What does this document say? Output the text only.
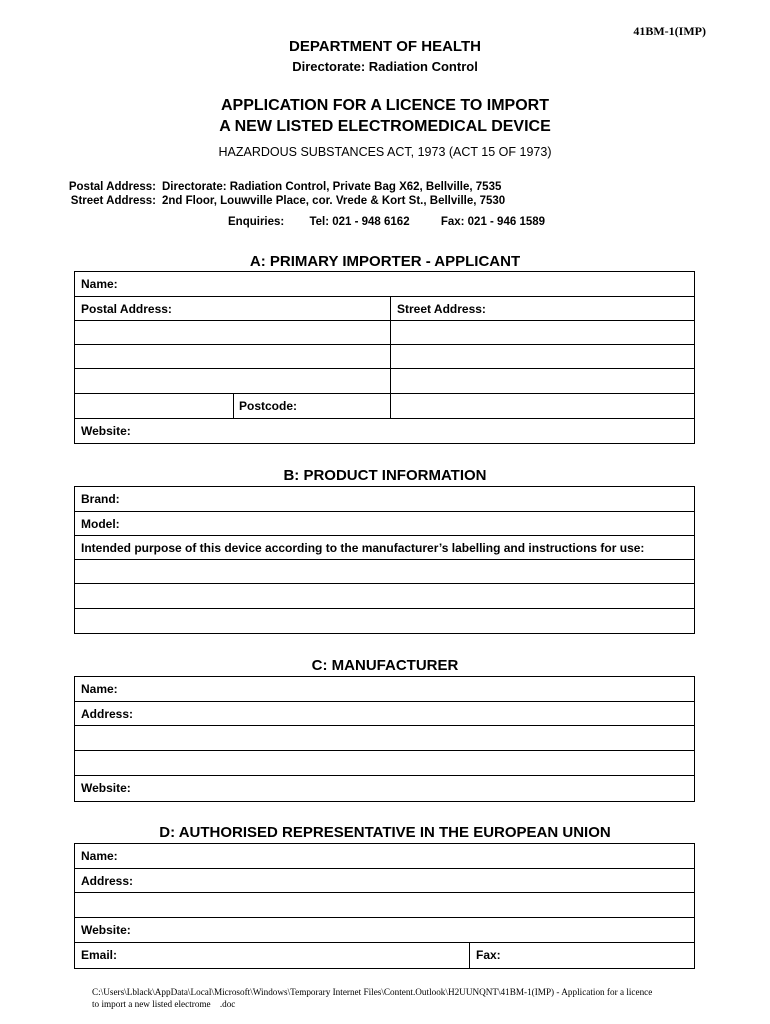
41BM-1(IMP)
DEPARTMENT OF HEALTH
Directorate: Radiation Control
APPLICATION FOR A LICENCE TO IMPORT
A NEW LISTED ELECTROMEDICAL DEVICE
HAZARDOUS SUBSTANCES ACT, 1973 (ACT 15 OF 1973)
Postal Address: Directorate: Radiation Control, Private Bag X62, Bellville, 7535
Street Address: 2nd Floor, Louwville Place, cor. Vrede & Kort St., Bellville, 7530
Enquiries: Tel: 021 - 948 6162	Fax: 021 - 946 1589
A: PRIMARY IMPORTER - APPLICANT
Name:
Postal Address:	Street Address:
Postcode:
Website:
B: PRODUCT INFORMATION
Brand:
Model:
Intended purpose of this device according to the manufacturer’s labelling and instructions for use:
C: MANUFACTURER
Name:
Address:
Website:
D: AUTHORISED REPRESENTATIVE IN THE EUROPEAN UNION
Name:
Address:
Website:
Email:	Fax:
C:\Users\Lblack\AppData\Local\Microsoft\Windows\Temporary Internet Files\Content.Outlook\H2UUNQNT\41BM-1(IMP) - Application for a licence
to import a new listed electrome    .doc
